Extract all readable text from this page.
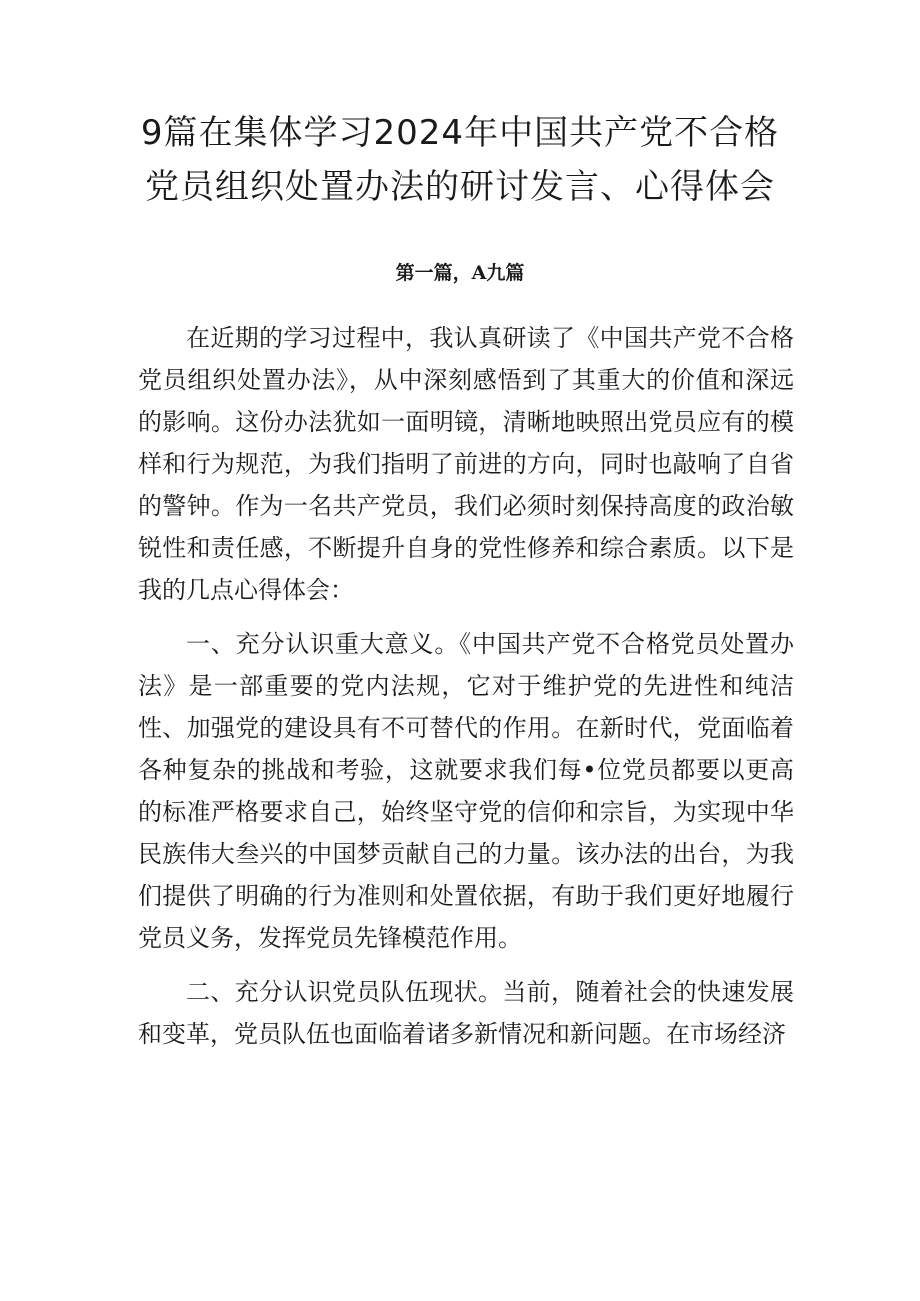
9篇在集体学习2024年中国共产党不合格
党员组织处置办法的研讨发言、心得体会
第一篇，A九篇

在近期的学习过程中，我认真研读了《中国共产党不合格党员组织处置办法》，从中深刻感悟到了其重大的价值和深远的影响。这份办法犹如一面明镜，清晰地映照出党员应有的模样和行为规范，为我们指明了前进的方向，同时也敲响了自省的警钟。作为一名共产党员，我们必须时刻保持高度的政治敏锐性和责任感，不断提升自身的党性修养和综合素质。以下是我的几点心得体会：

一、充分认识重大意义。《中国共产党不合格党员处置办法》是一部重要的党内法规，它对于维护党的先进性和纯洁性、加强党的建设具有不可替代的作用。在新时代，党面临着各种复杂的挑战和考验，这就要求我们每•位党员都要以更高的标准严格要求自己，始终坚守党的信仰和宗旨，为实现中华民族伟大叁兴的中国梦贡献自己的力量。该办法的出台，为我们提供了明确的行为准则和处置依据，有助于我们更好地履行党员义务，发挥党员先锋模范作用。

二、充分认识党员队伍现状。当前，随着社会的快速发展和变革，党员队伍也面临着诸多新情况和新问题。在市场经济
